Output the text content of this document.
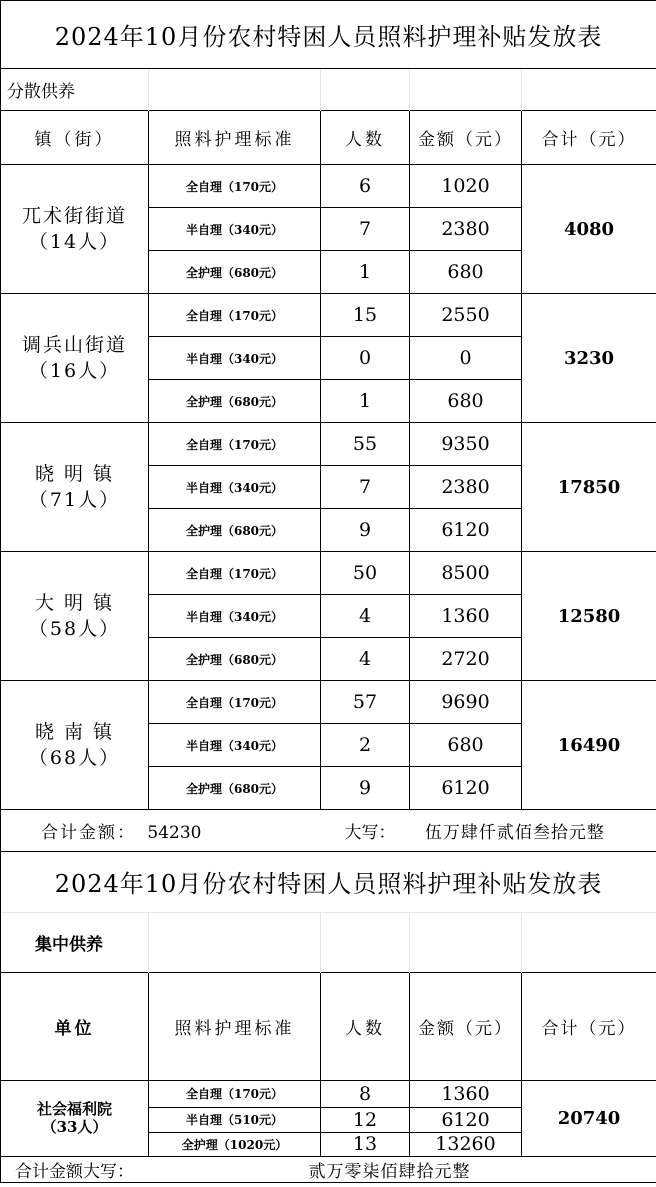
2024年10月份农村特困人员照料护理补贴发放表				
分散供养				
镇（街）	照料护理标准	人数	金额（元）	合计（元）

兀术街街道
（14人）	全自理（170元）	6	1020	4080
	半自理（340元）	7	2380	
	全护理（680元）	1	680	

调兵山街道
（16人）	全自理（170元）	15	2550	3230
	半自理（340元）	0	0	
	全护理（680元）	1	680	

晓 明 镇
（71人）	全自理（170元）	55	9350	17850
	半自理（340元）	7	2380	
	全护理（680元）	9	6120	

大 明 镇
（58人）	全自理（170元）	50	8500	12580
	半自理（340元）	4	1360	
	全护理（680元）	4	2720	

晓 南 镇
（68人）	全自理（170元）	57	9690	16490
	半自理（340元）	2	680	
	全护理（680元）	9	6120	
合计金额： 54230		大写： 伍万肆仟贰佰叁拾元整		
2024年10月份农村特困人员照料护理补贴发放表
集中供养				
单位	照料护理标准	人数	金额（元）	合计（元）

社会福利院
（33人）	全自理（170元）	8	1360	20740
半自理（510元）	12	6120
全护理（1020元）	13	13260
合计金额大写：	贰万零柒佰肆拾元整
